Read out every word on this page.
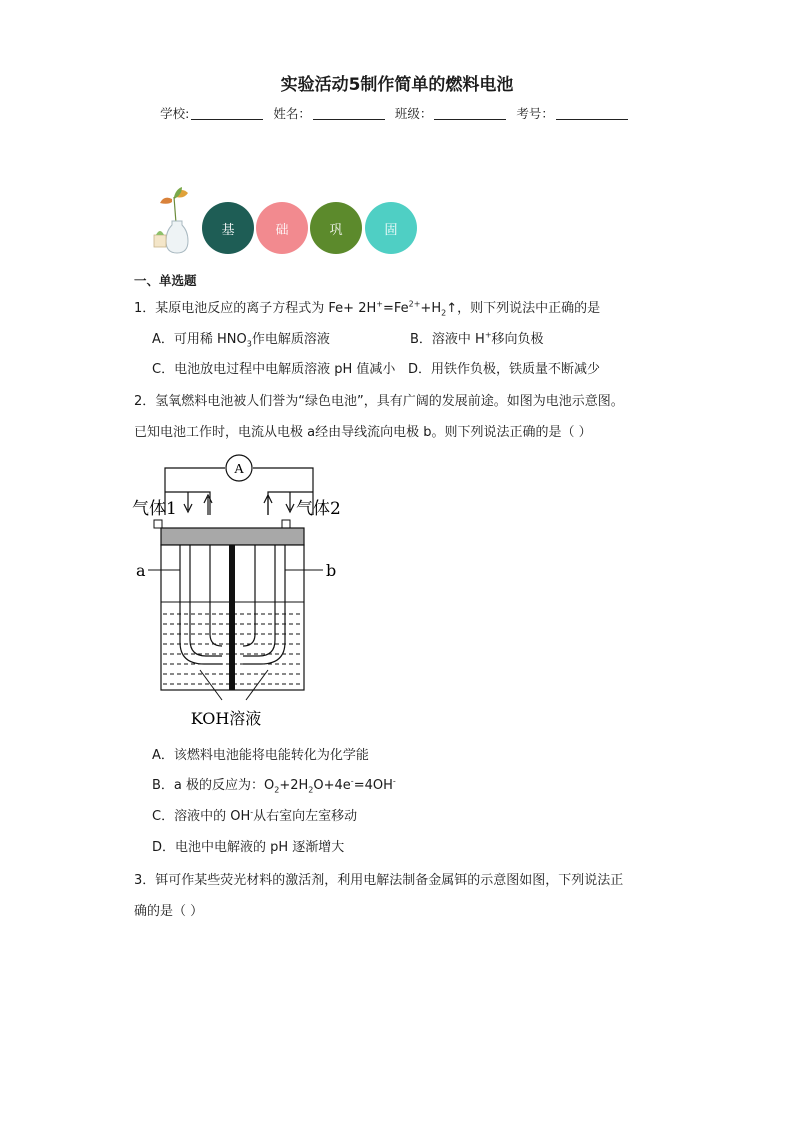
实验活动5制作简单的燃料电池
学校:	姓名：	班级：	考号：
基	础	巩	固
一、单选题
1．某原电池反应的离子方程式为 $Fe+ 2H^+=Fe^{2+}+H_2↑$，则下列说法中正确的是
A．可用稀 $HNO_3$作电解质溶液	B．溶液中 H+移向负极
C．电池放电过程中电解质溶液 pH 值减小 D．用铁作负极，铁质量不断减少
2．氢氧燃料电池被人们誉为“绿色电池”，具有广阔的发展前途。如图为电池示意图。
已知电池工作时，电流从电极 a经由导线流向电极 b。则下列说法正确的是（ ）
A
气体1	气体2
a	b
KOH溶液
A．该燃料电池能将电能转化为化学能
B．a 极的反应为：$O_2+2H_2O+4e^-=4OH^-$
C．溶液中的 OH-从右室向左室移动
D．电池中电解液的 pH 逐渐增大
3．铒可作某些荧光材料的激活剂，利用电解法制备金属铒的示意图如图，下列说法正
确的是（ ）
